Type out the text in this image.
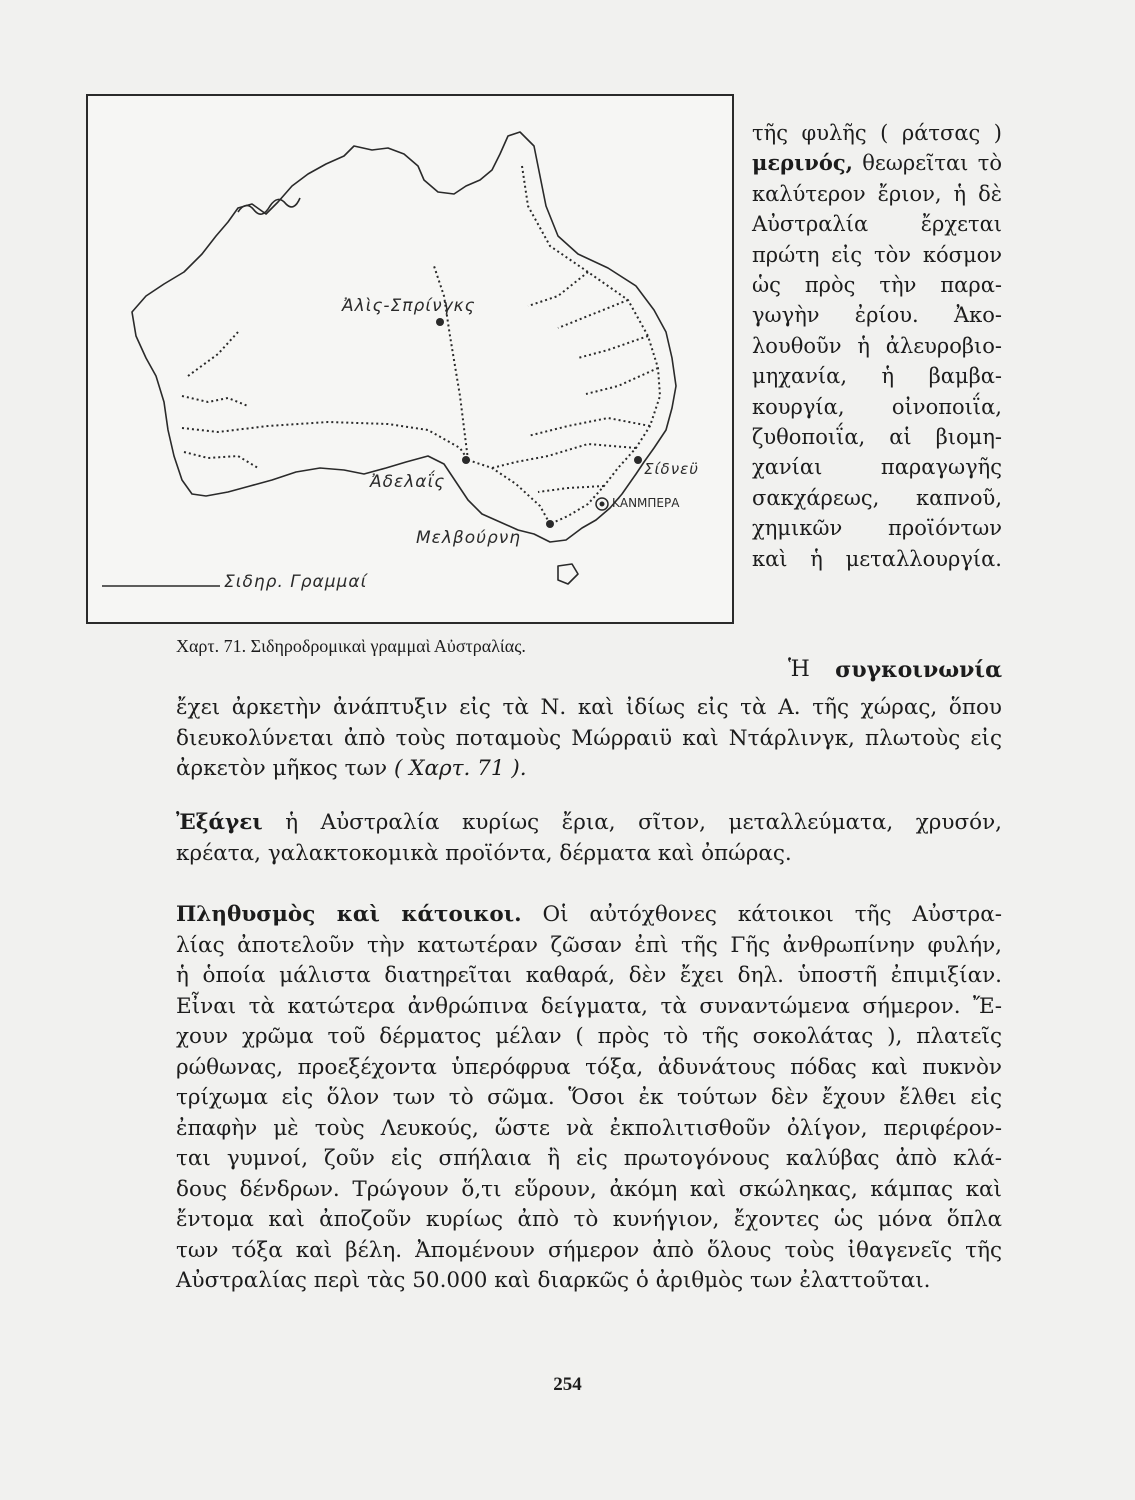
Ἀλὶς-Σπρίνγκς
Ἀδελαΐς
Μελβούρνη
Σίδνεϋ
ΚΑΝΜΠΕΡΑ
Σιδηρ. Γραμμαί
Χαρτ. 71. Σιδηροδρομικαὶ γραμμαὶ Αὐστραλίας.
τῆς φυλῆς ( ράτσας )
μερινός, θεωρεῖται τὸ
καλύτερον ἔριον, ἡ δὲ
Αὐστραλία ἔρχεται
πρώτη εἰς τὸν κόσμον
ὡς πρὸς τὴν παρα-
γωγὴν ἐρίου. Ἀκο-
λουθοῦν ἡ ἀλευροβιο-
μηχανία, ἡ βαμβα-
κουργία, οἰνοποιΐα,
ζυθοποιΐα, αἱ βιομη-
χανίαι παραγωγῆς
σακχάρεως, καπνοῦ,
χημικῶν προϊόντων
καὶ ἡ μεταλλουργία.
Ἡ συγκοινωνία
ἔχει ἀρκετὴν ἀνάπτυξιν εἰς τὰ Ν. καὶ ἰδίως εἰς τὰ Α. τῆς χώρας, ὅπου
διευκολύνεται ἀπὸ τοὺς ποταμοὺς Μώρραιϋ καὶ Ντάρλινγκ, πλωτοὺς εἰς
ἀρκετὸν μῆκος των ( Χαρτ. 71 ).
Ἐξάγει ἡ Αὐστραλία κυρίως ἔρια, σῖτον, μεταλλεύματα, χρυσόν,
κρέατα, γαλακτοκομικὰ προϊόντα, δέρματα καὶ ὀπώρας.
Πληθυσμὸς καὶ κάτοικοι. Οἱ αὐτόχθονες κάτοικοι τῆς Αὐστρα-
λίας ἀποτελοῦν τὴν κατωτέραν ζῶσαν ἐπὶ τῆς Γῆς ἀνθρωπίνην φυλήν,
ἡ ὁποία μάλιστα διατηρεῖται καθαρά, δὲν ἔχει δηλ. ὑποστῆ ἐπιμιξίαν.
Εἶναι τὰ κατώτερα ἀνθρώπινα δείγματα, τὰ συναντώμενα σήμερον. Ἔ-
χουν χρῶμα τοῦ δέρματος μέλαν ( πρὸς τὸ τῆς σοκολάτας ), πλατεῖς
ρώθωνας, προεξέχοντα ὑπερόφρυα τόξα, ἀδυνάτους πόδας καὶ πυκνὸν
τρίχωμα εἰς ὅλον των τὸ σῶμα. Ὅσοι ἐκ τούτων δὲν ἔχουν ἔλθει εἰς
ἐπαφὴν μὲ τοὺς Λευκούς, ὥστε νὰ ἐκπολιτισθοῦν ὀλίγον, περιφέρον-
ται γυμνοί, ζοῦν εἰς σπήλαια ἢ εἰς πρωτογόνους καλύβας ἀπὸ κλά-
δους δένδρων. Τρώγουν ὅ,τι εὕρουν, ἀκόμη καὶ σκώληκας, κάμπας καὶ
ἔντομα καὶ ἀποζοῦν κυρίως ἀπὸ τὸ κυνήγιον, ἔχοντες ὡς μόνα ὅπλα
των τόξα καὶ βέλη. Ἀπομένουν σήμερον ἀπὸ ὅλους τοὺς ἰθαγενεῖς τῆς
Αὐστραλίας περὶ τὰς 50.000 καὶ διαρκῶς ὁ ἀριθμὸς των ἐλαττοῦται.
254
